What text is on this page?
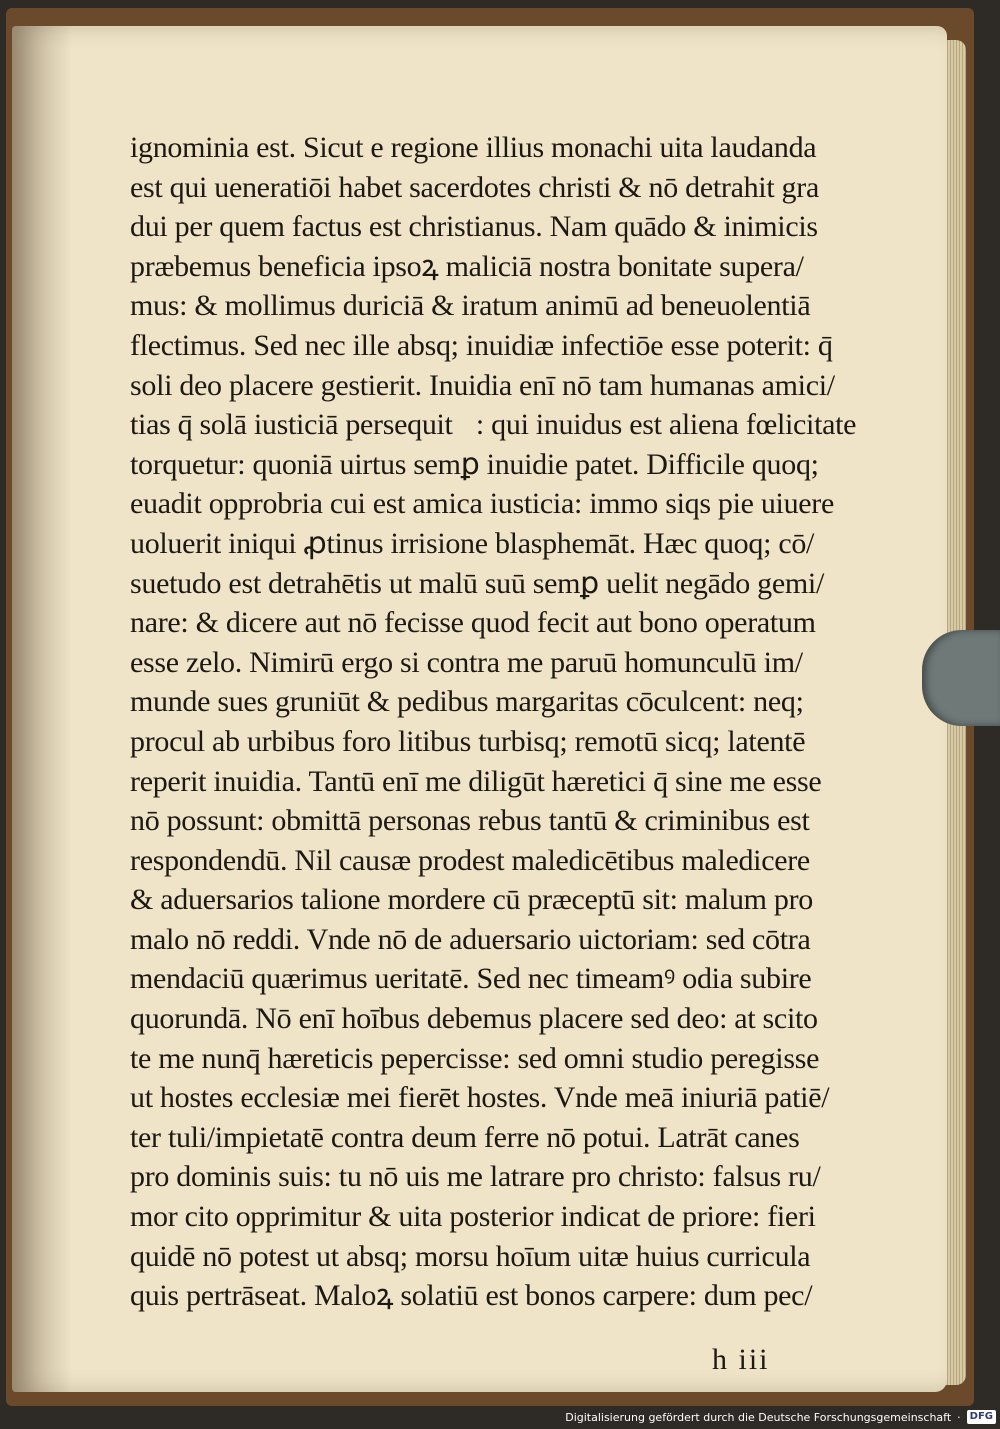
ignominia est. Sicut e regione illius monachi uita laudanda
est qui ueneratiōi habet sacerdotes christi & nō detrahit gra
dui per quem factus est christianus. Nam quādo & inimicis
præbemus beneficia ipsoꝝ maliciā nostra bonitate supera/
mus: & mollimus duriciā & iratum animū ad beneuolentiā
flectimus. Sed nec ille absq; inuidiæ infectiōe esse poterit: q̄
soli deo placere gestierit. Inuidia enī nō tam humanas amici/
tias q̄ solā iusticiā persequit᷑: qui inuidus est aliena fœlicitate
torquetur: quoniā uirtus semꝑ inuidie patet. Difficile quoq;
euadit opprobria cui est amica iusticia: immo siqs pie uiuere
uoluerit iniqui ꝓtinus irrisione blasphemāt. Hæc quoq; cō/
suetudo est detrahētis ut malū suū semꝑ uelit negādo gemi/
nare: & dicere aut nō fecisse quod fecit aut bono operatum
esse zelo. Nimirū ergo si contra me paruū homunculū im/
munde sues gruniūt & pedibus margaritas cōculcent: neq;
procul ab urbibus foro litibus turbisq; remotū sicq; latentē
reperit inuidia. Tantū enī me diligūt hæretici q̄ sine me esse
nō possunt: obmittā personas rebus tantū & criminibus est
respondendū. Nil causæ prodest maledicētibus maledicere
& aduersarios talione mordere cū præceptū sit: malum pro
malo nō reddi. Vnde nō de aduersario uictoriam: sed cōtra
mendaciū quærimus ueritatē. Sed nec timeamꝰ odia subire
quorundā. Nō enī hoībus debemus placere sed deo: at scito
te me nunq̄ hæreticis pepercisse: sed omni studio peregisse
ut hostes ecclesiæ mei fierēt hostes. Vnde meā iniuriā patiē/
ter tuli/impietatē contra deum ferre nō potui. Latrāt canes
pro dominis suis: tu nō uis me latrare pro christo: falsus ru/
mor cito opprimitur & uita posterior indicat de priore: fieri
quidē nō potest ut absq; morsu hoīum uitæ huius curricula
quis pertrāseat. Maloꝝ solatiū est bonos carpere: dum pec/
h iii
Digitalisierung gefördert durch die Deutsche Forschungsgemeinschaft · DFG
